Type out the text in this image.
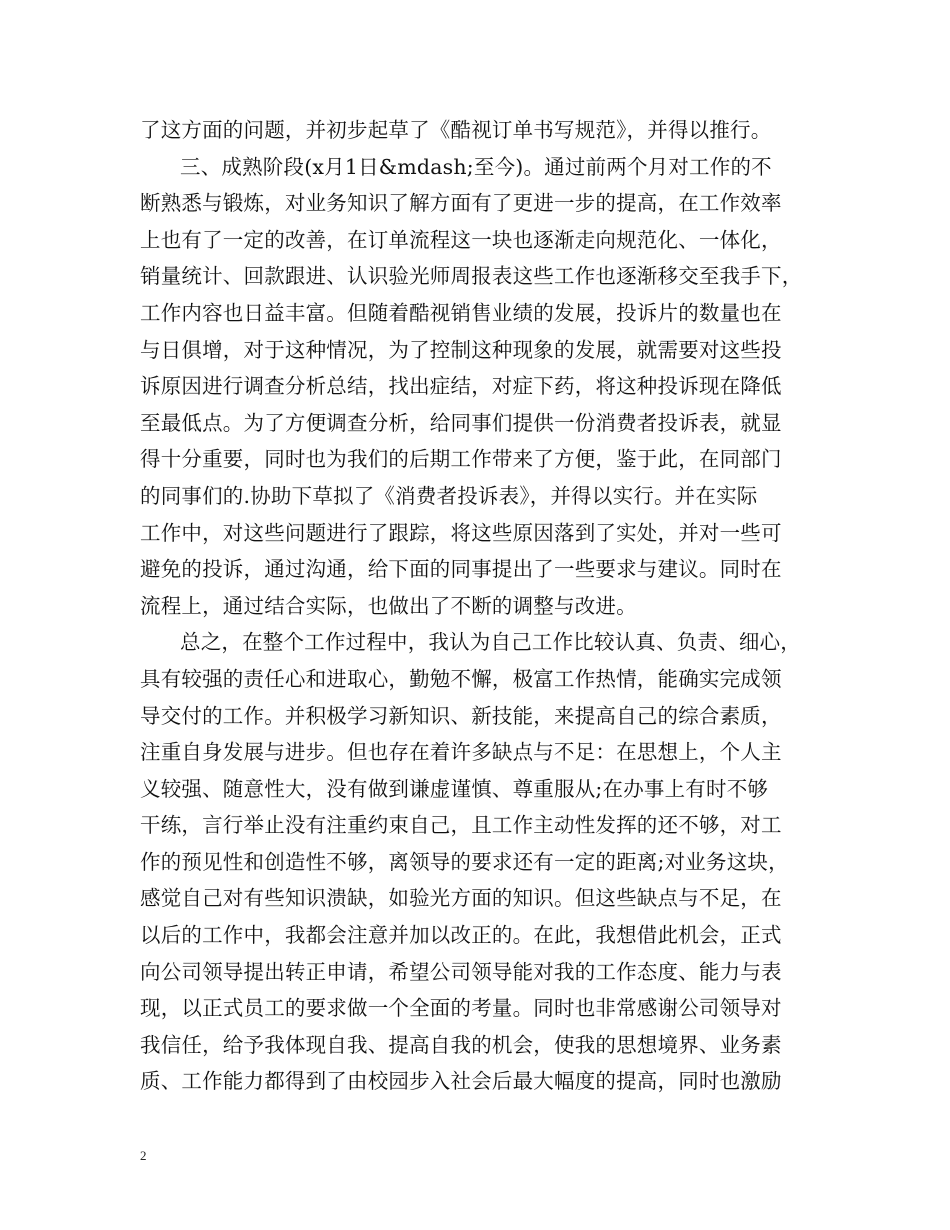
了这方面的问题，并初步起草了《酷视订单书写规范》，并得以推行。
三、成熟阶段(x月1日&mdash;至今)。通过前两个月对工作的不
断熟悉与锻炼，对业务知识了解方面有了更进一步的提高，在工作效率
上也有了一定的改善，在订单流程这一块也逐渐走向规范化、一体化，
销量统计、回款跟进、认识验光师周报表这些工作也逐渐移交至我手下，
工作内容也日益丰富。但随着酷视销售业绩的发展，投诉片的数量也在
与日俱增，对于这种情况，为了控制这种现象的发展，就需要对这些投
诉原因进行调查分析总结，找出症结，对症下药，将这种投诉现在降低
至最低点。为了方便调查分析，给同事们提供一份消费者投诉表，就显
得十分重要，同时也为我们的后期工作带来了方便，鉴于此，在同部门
的同事们的.协助下草拟了《消费者投诉表》，并得以实行。并在实际
工作中，对这些问题进行了跟踪，将这些原因落到了实处，并对一些可
避免的投诉，通过沟通，给下面的同事提出了一些要求与建议。同时在
流程上，通过结合实际，也做出了不断的调整与改进。
总之，在整个工作过程中，我认为自己工作比较认真、负责、细心，
具有较强的责任心和进取心，勤勉不懈，极富工作热情，能确实完成领
导交付的工作。并积极学习新知识、新技能，来提高自己的综合素质，
注重自身发展与进步。但也存在着许多缺点与不足：在思想上，个人主
义较强、随意性大，没有做到谦虚谨慎、尊重服从;在办事上有时不够
干练，言行举止没有注重约束自己，且工作主动性发挥的还不够，对工
作的预见性和创造性不够，离领导的要求还有一定的距离;对业务这块，
感觉自己对有些知识溃缺，如验光方面的知识。但这些缺点与不足，在
以后的工作中，我都会注意并加以改正的。在此，我想借此机会，正式
向公司领导提出转正申请，希望公司领导能对我的工作态度、能力与表
现，以正式员工的要求做一个全面的考量。同时也非常感谢公司领导对
我信任，给予我体现自我、提高自我的机会，使我的思想境界、业务素
质、工作能力都得到了由校园步入社会后最大幅度的提高，同时也激励
2
